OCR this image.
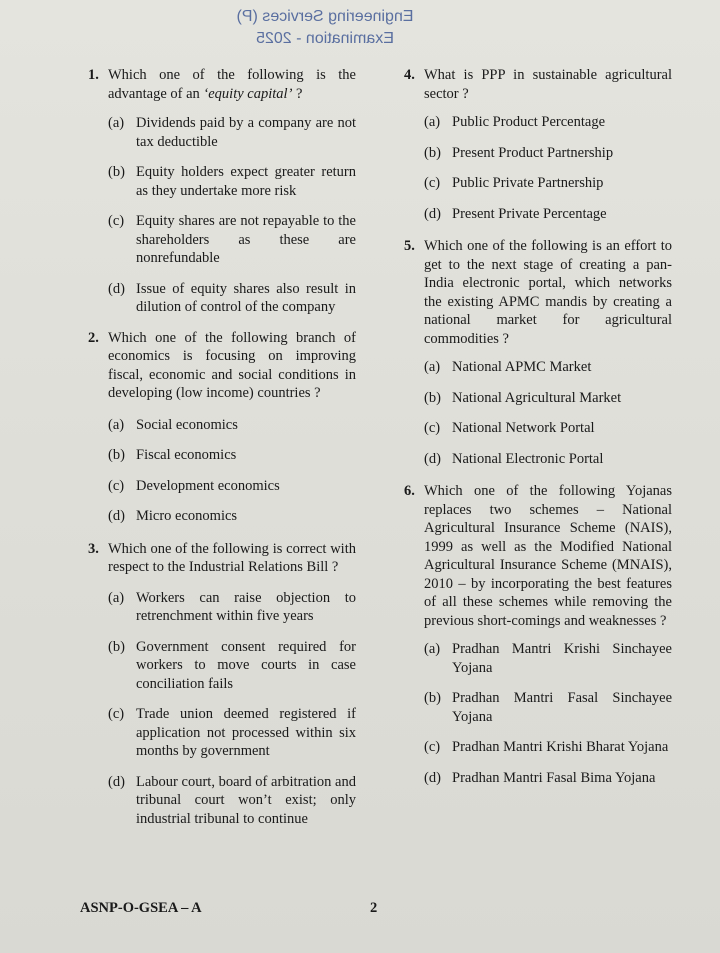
Engineering Services (P)
Examination - 2025
1. Which one of the following is the advantage of an ‘equity capital’ ?
(a) Dividends paid by a company are not tax deductible
(b) Equity holders expect greater return as they undertake more risk
(c) Equity shares are not repayable to the shareholders as these are nonrefundable
(d) Issue of equity shares also result in dilution of control of the company
2. Which one of the following branch of economics is focusing on improving fiscal, economic and social conditions in developing (low income) countries ?
(a) Social economics
(b) Fiscal economics
(c) Development economics
(d) Micro economics
3. Which one of the following is correct with respect to the Industrial Relations Bill ?
(a) Workers can raise objection to retrenchment within five years
(b) Government consent required for workers to move courts in case conciliation fails
(c) Trade union deemed registered if application not processed within six months by government
(d) Labour court, board of arbitration and tribunal court won’t exist; only industrial tribunal to continue
4. What is PPP in sustainable agricultural sector ?
(a) Public Product Percentage
(b) Present Product Partnership
(c) Public Private Partnership
(d) Present Private Percentage
5. Which one of the following is an effort to get to the next stage of creating a pan-India electronic portal, which networks the existing APMC mandis by creating a national market for agricultural commodities ?
(a) National APMC Market
(b) National Agricultural Market
(c) National Network Portal
(d) National Electronic Portal
6. Which one of the following Yojanas replaces two schemes – National Agricultural Insurance Scheme (NAIS), 1999 as well as the Modified National Agricultural Insurance Scheme (MNAIS), 2010 – by incorporating the best features of all these schemes while removing the previous short-comings and weaknesses ?
(a) Pradhan Mantri Krishi Sinchayee Yojana
(b) Pradhan Mantri Fasal Sinchayee Yojana
(c) Pradhan Mantri Krishi Bharat Yojana
(d) Pradhan Mantri Fasal Bima Yojana
ASNP-O-GSEA – A	2
